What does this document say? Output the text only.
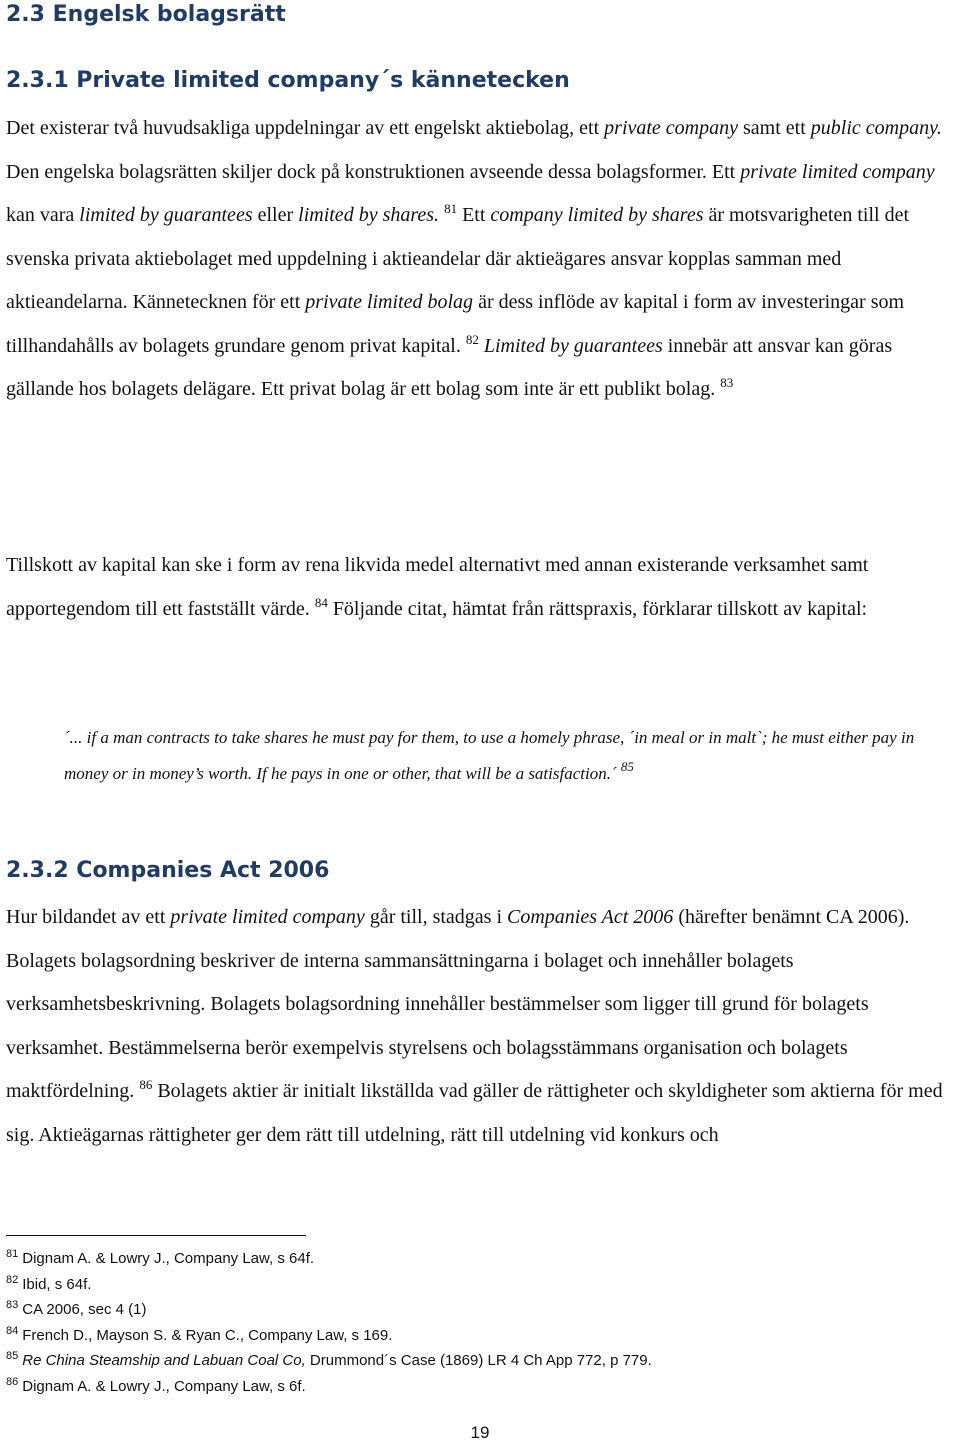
2.3 Engelsk bolagsrätt
2.3.1 Private limited company´s kännetecken

Det existerar två huvudsakliga uppdelningar av ett engelskt aktiebolag, ett private company samt ett public company. Den engelska bolagsrätten skiljer dock på konstruktionen avseende dessa bolagsformer. Ett private limited company kan vara limited by guarantees eller limited by shares. $^{81}$ Ett company limited by shares är motsvarigheten till det svenska privata aktiebolaget med uppdelning i aktieandelar där aktieägares ansvar kopplas samman med aktieandelarna. Kännetecknen för ett private limited bolag är dess inflöde av kapital i form av investeringar som tillhandahålls av bolagets grundare genom privat kapital. $^{82}$ Limited by guarantees innebär att ansvar kan göras gällande hos bolagets delägare. Ett privat bolag är ett bolag som inte är ett publikt bolag. $^{83}$

Tillskott av kapital kan ske i form av rena likvida medel alternativt med annan existerande verksamhet samt apportegendom till ett fastställt värde. $^{84}$ Följande citat, hämtat från rättspraxis, förklarar tillskott av kapital:

´... if a man contracts to take shares he must pay for them, to use a homely phrase, ´in meal or in malt`; he must either pay in money or in money’s worth. If he pays in one or other, that will be a satisfaction.´ $^{85}$

2.3.2 Companies Act 2006

Hur bildandet av ett private limited company går till, stadgas i Companies Act 2006 (härefter benämnt CA 2006). Bolagets bolagsordning beskriver de interna sammansättningarna i bolaget och innehåller bolagets verksamhetsbeskrivning. Bolagets bolagsordning innehåller bestämmelser som ligger till grund för bolagets verksamhet. Bestämmelserna berör exempelvis styrelsens och bolagsstämmans organisation och bolagets maktfördelning. $^{86}$ Bolagets aktier är initialt likställda vad gäller de rättigheter och skyldigheter som aktierna för med sig. Aktieägarnas rättigheter ger dem rätt till utdelning, rätt till utdelning vid konkurs och

$^{81}$ Dignam A. & Lowry J., Company Law, s 64f.
$^{82}$ Ibid, s 64f.
$^{83}$ CA 2006, sec 4 (1)
$^{84}$ French D., Mayson S. & Ryan C., Company Law, s 169.
$^{85}$ Re China Steamship and Labuan Coal Co, Drummond´s Case (1869) LR 4 Ch App 772, p 779.
$^{86}$ Dignam A. & Lowry J., Company Law, s 6f.
19
